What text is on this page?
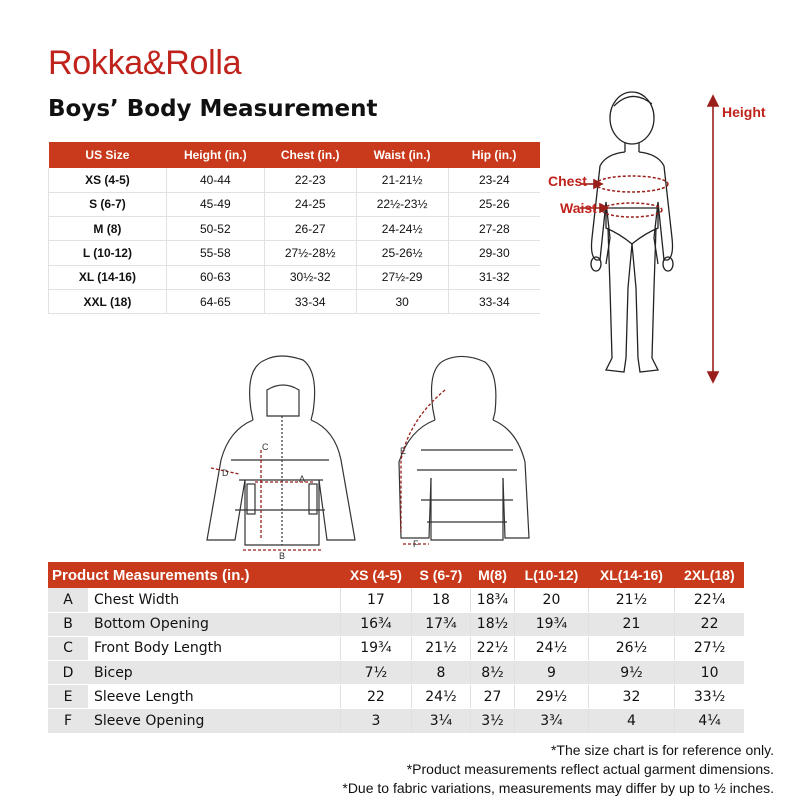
Rokka&Rolla
Boys’ Body Measurement
US Size	Height (in.)	Chest (in.)	Waist (in.)	Hip (in.)
XS (4-5)	40-44	22-23	21-21½	23-24
S (6-7)	45-49	24-25	22½-23½	25-26
M (8)	50-52	26-27	24-24½	27-28
L (10-12)	55-58	27½-28½	25-26½	29-30
XL (14-16)	60-63	30½-32	27½-29	31-32
XXL (18)	64-65	33-34	30	33-34
Height
Chest
Waist
C
A
D
B
E
F
Product Measurements (in.)		XS (4-5)	S (6-7)	M(8)	L(10-12)	XL(14-16)	2XL(18)
A	Chest Width	17	18	18¾	20	21½	22¼
B	Bottom Opening	16¾	17¾	18½	19¾	21	22
C	Front Body Length	19¾	21½	22½	24½	26½	27½
D	Bicep	7½	8	8½	9	9½	10
E	Sleeve Length	22	24½	27	29½	32	33½
F	Sleeve Opening	3	3¼	3½	3¾	4	4¼
*The size chart is for reference only.
*Product measurements reflect actual garment dimensions.
*Due to fabric variations, measurements may differ by up to ½ inches.
